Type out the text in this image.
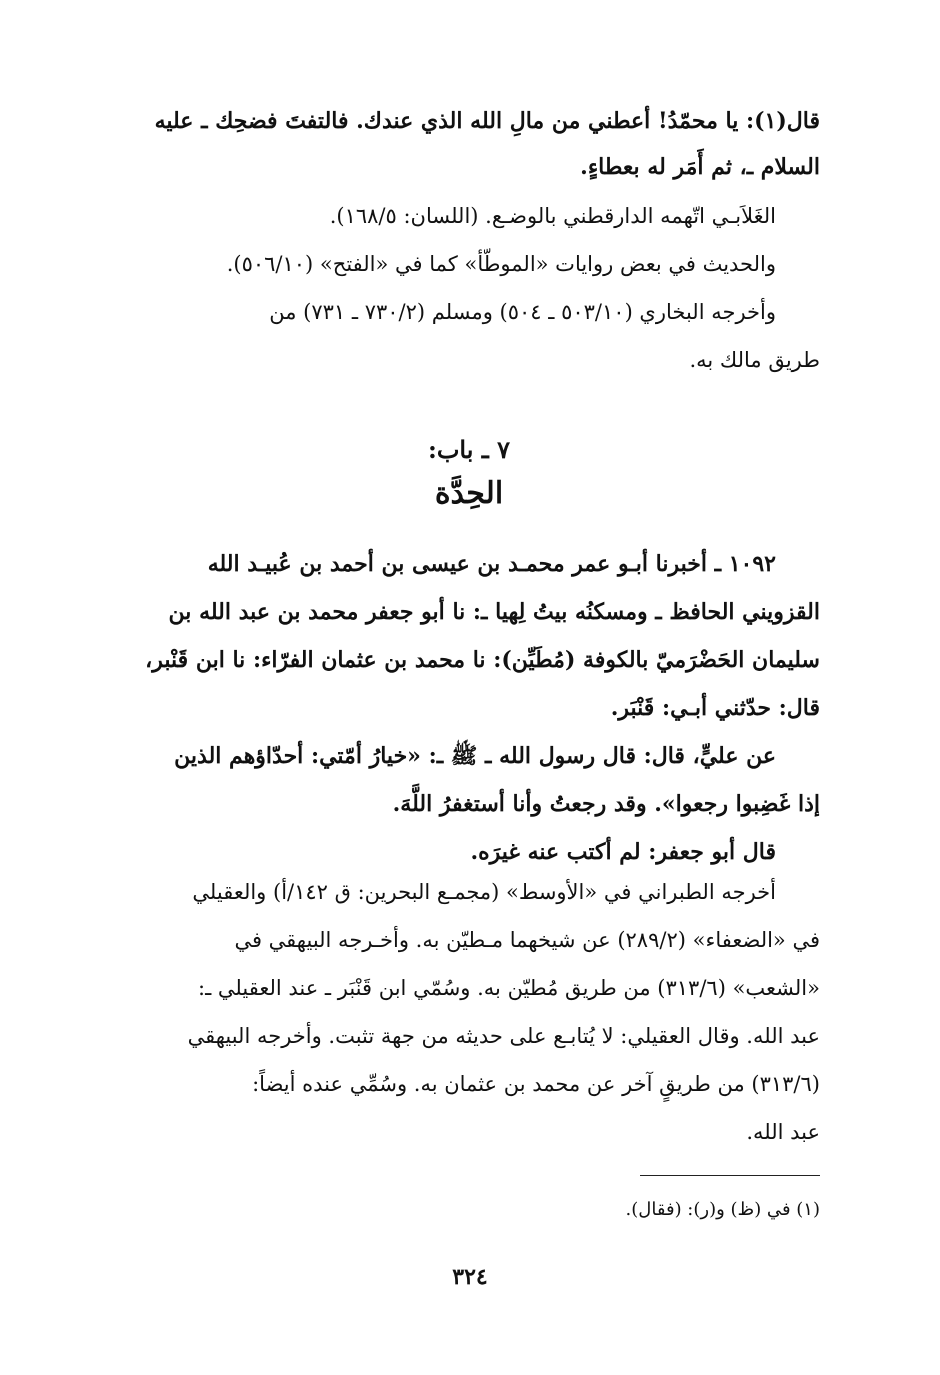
قال(١): يا محمّدُ! أعطني من مالِ الله الذي عندك. فالتفتَ فضحِك ـ عليه
السلام ـ، ثم أَمَر له بعطاءٍ.
الغَلاَبـي اتّهمه الدارقطني بالوضـع. (اللسان: ١٦٨/٥).
والحديث في بعض روايات «الموطّأ» كما في «الفتح» (٥٠٦/١٠).
وأخرجه البخاري (٥٠٣/١٠ ـ ٥٠٤) ومسلم (٧٣٠/٢ ـ ٧٣١) من
طريق مالك به.
٧ ـ باب:
الحِدَّة
١٠٩٢ ـ أخبرنا أبـو عمر محمـد بن عيسى بن أحمد بن عُبيـد الله
القزويني الحافظ ـ ومسكنُه بيتُ لِهيا ـ: نا أبو جعفر محمد بن عبد الله بن
سليمان الحَضْرَميّ بالكوفة (مُطَيِّن): نا محمد بن عثمان الفرّاء: نا ابن قَنْبر،
قال: حدّثني أبـي: قَنْبَر.
عن عليٍّ، قال: قال رسول الله ـ ﷺ ـ: «خيارُ أمّتي: أحدّاؤهم الذين
إذا غَضِبوا رجعوا». وقد رجعتُ وأنا أستغفرُ اللَّهَ.
قال أبو جعفر: لم أكتب عنه غيرَه.
أخرجه الطبراني في «الأوسط» (مجمـع البحرين: ق ١٤٢/أ) والعقيلي
في «الضعفاء» (٢٨٩/٢) عن شيخهما مـطيّن به. وأخـرجه البيهقي في
«الشعب» (٣١٣/٦) من طريق مُطيّن به. وسُمّي ابن قَنْبَر ـ عند العقيلي ـ:
عبد الله. وقال العقيلي: لا يُتابـع على حديثه من جهة تثبت. وأخرجه البيهقي
(٣١٣/٦) من طريقٍ آخر عن محمد بن عثمان به. وسُمِّي عنده أيضاً:
عبد الله.
(١) في (ظ) و(ر): (فقال).
٣٢٤
